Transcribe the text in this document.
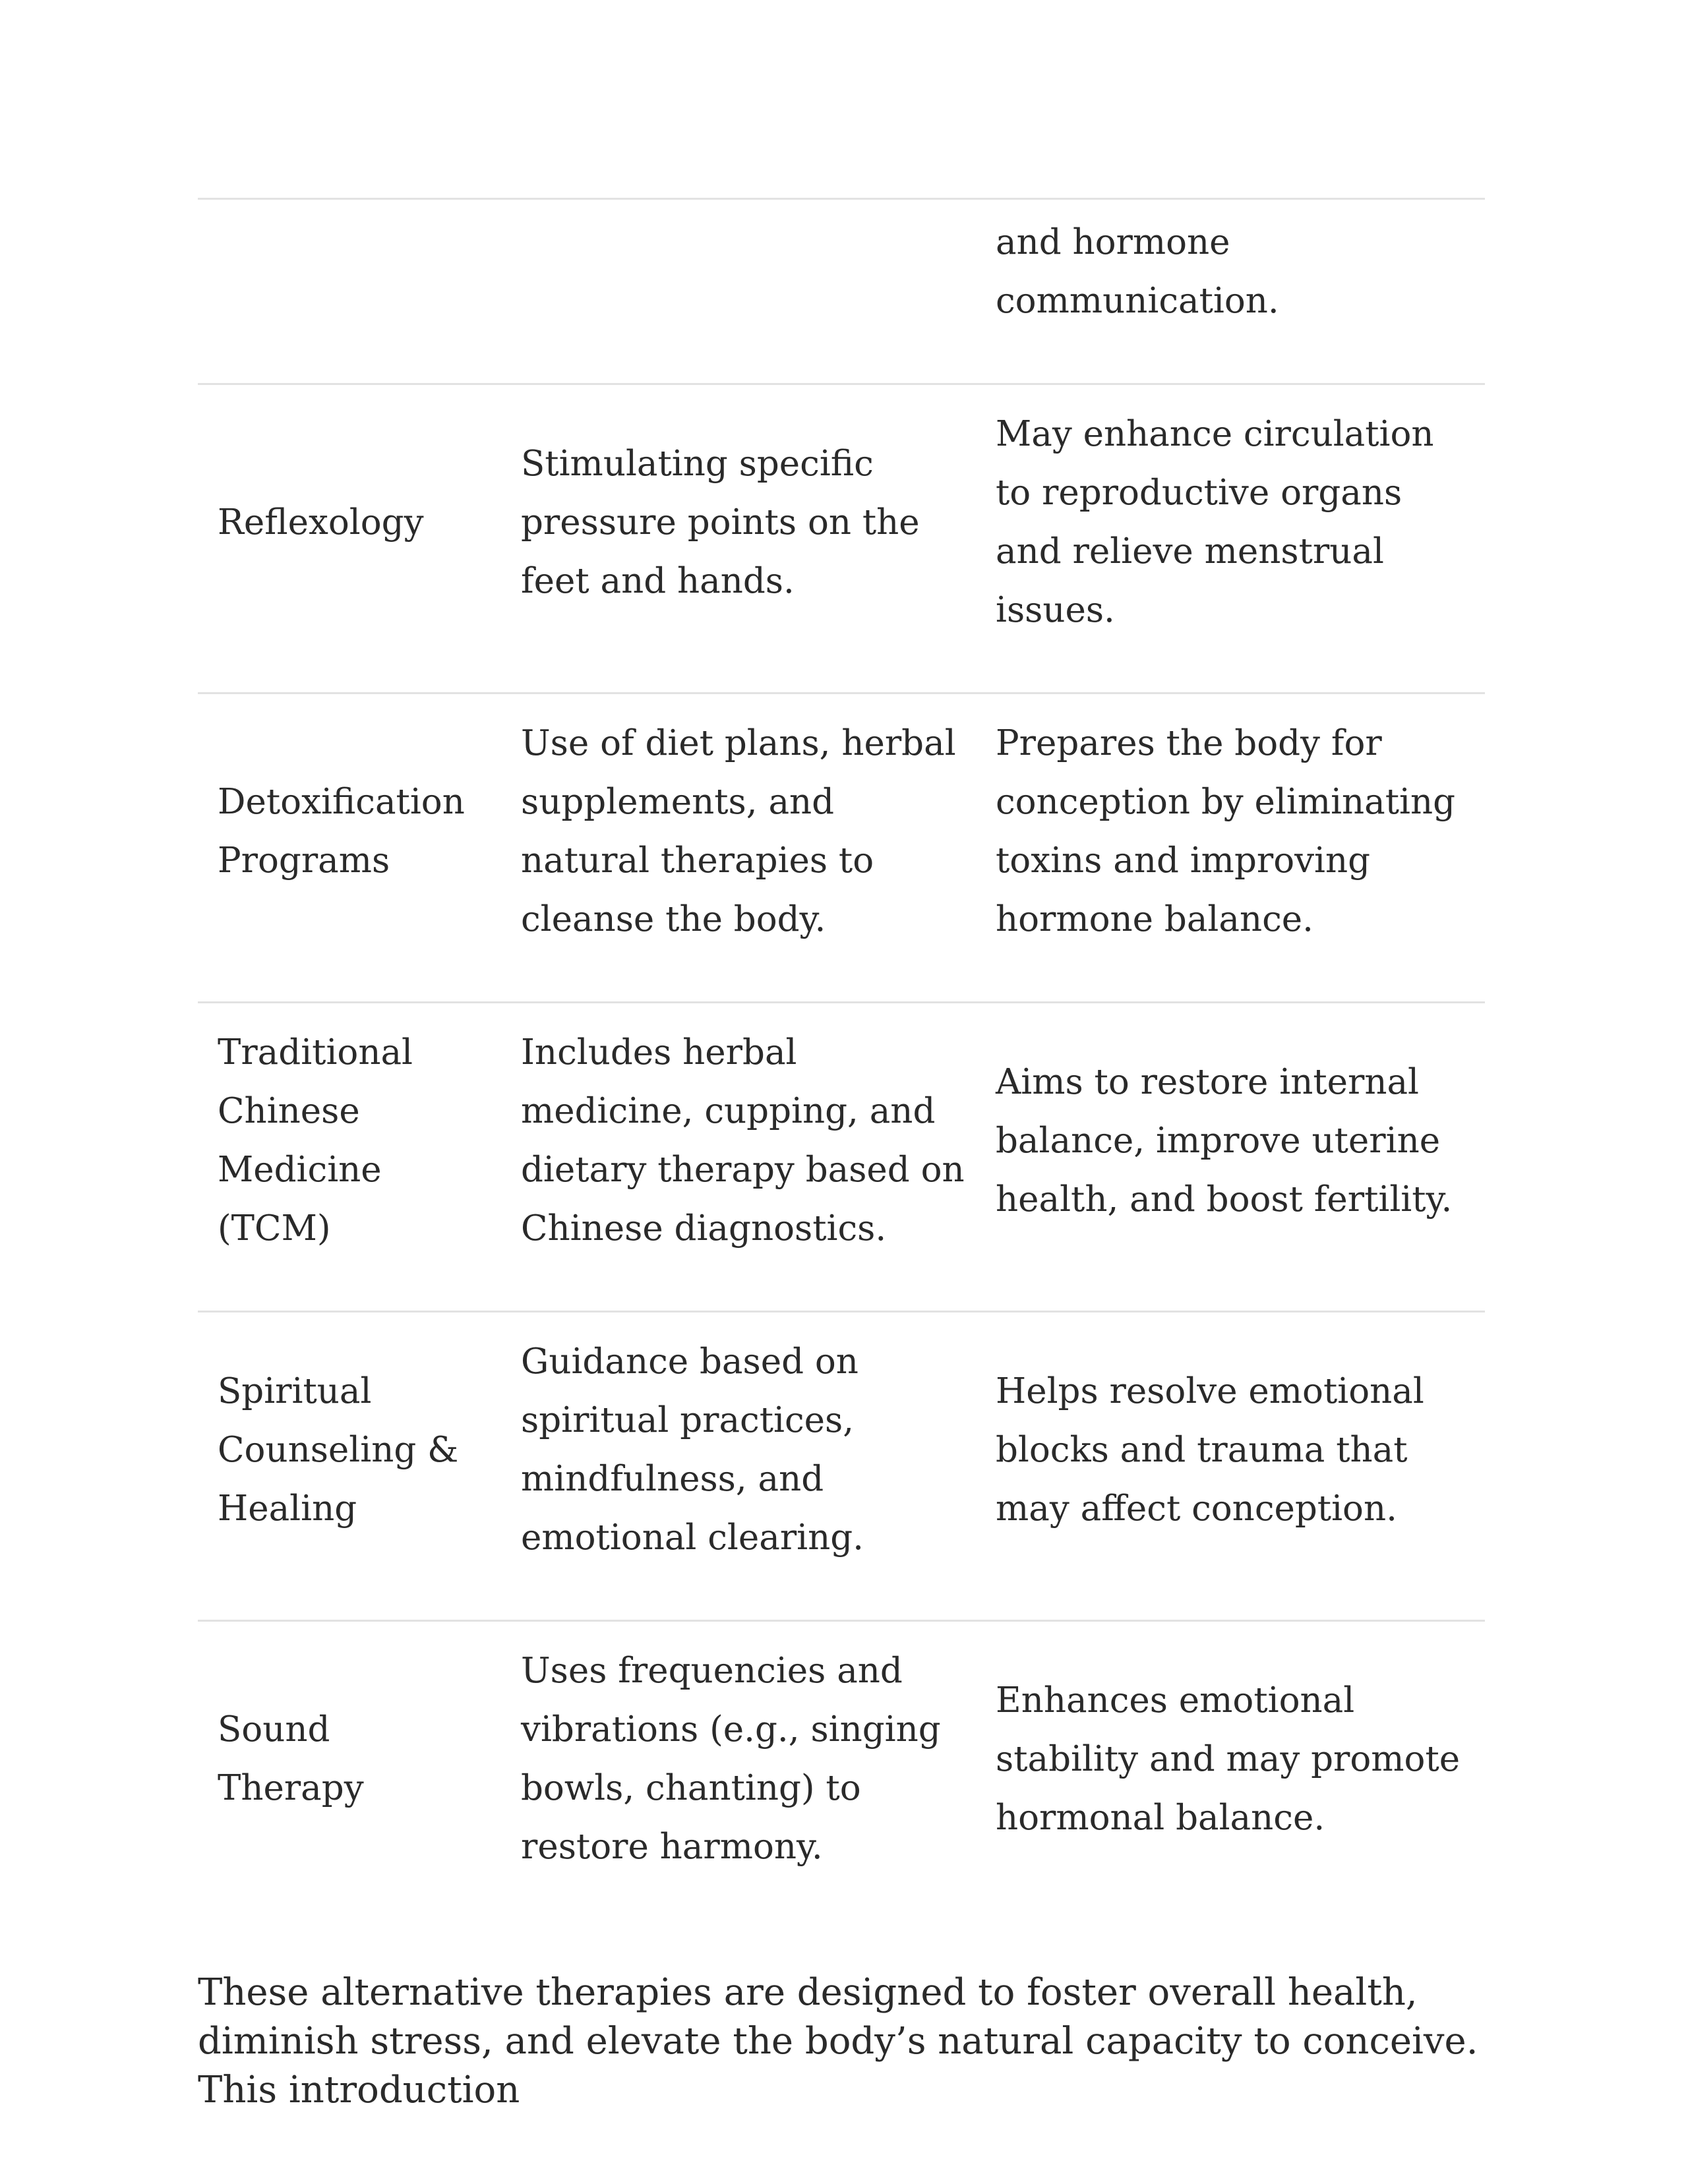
		and hormone communication.
Reflexology	Stimulating specific pressure points on the feet and hands.	May enhance circulation to reproductive organs and relieve menstrual issues.
Detoxification Programs	Use of diet plans, herbal supplements, and natural therapies to cleanse the body.	Prepares the body for conception by eliminating toxins and improving hormone balance.
Traditional Chinese Medicine (TCM)	Includes herbal medicine, cupping, and dietary therapy based on Chinese diagnostics.	Aims to restore internal balance, improve uterine health, and boost fertility.
Spiritual Counseling & Healing	Guidance based on spiritual practices, mindfulness, and emotional clearing.	Helps resolve emotional blocks and trauma that may affect conception.
Sound Therapy	Uses frequencies and vibrations (e.g., singing bowls, chanting) to restore harmony.	Enhances emotional stability and may promote hormonal balance.

These alternative therapies are designed to foster overall health, diminish stress, and elevate the body’s natural capacity to conceive. This introduction
